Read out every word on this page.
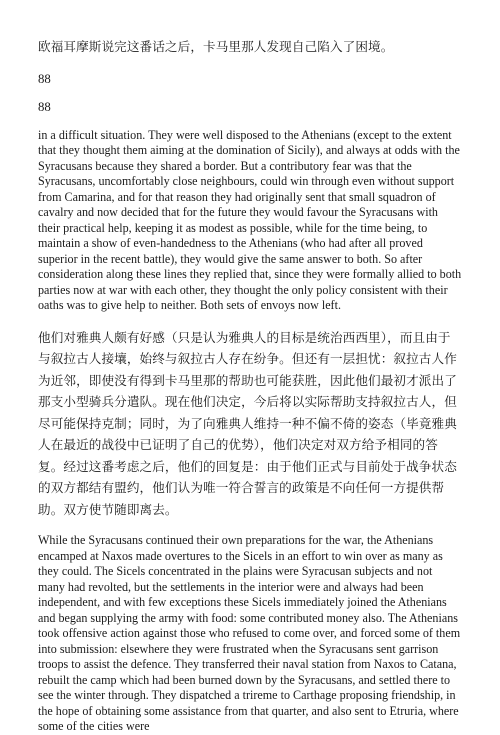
欧福耳摩斯说完这番话之后，卡马里那人发现自己陷入了困境。

88

88

in a difficult situation. They were well disposed to the Athenians (except to the extent that they thought them aiming at the domination of Sicily), and always at odds with the Syracusans because they shared a border. But a contributory fear was that the Syracusans, uncomfortably close neighbours, could win through even without support from Camarina, and for that reason they had originally sent that small squadron of cavalry and now decided that for the future they would favour the Syracusans with their practical help, keeping it as modest as possible, while for the time being, to maintain a show of even-handedness to the Athenians (who had after all proved superior in the recent battle), they would give the same answer to both. So after consideration along these lines they replied that, since they were formally allied to both parties now at war with each other, they thought the only policy consistent with their oaths was to give help to neither. Both sets of envoys now left.

他们对雅典人颇有好感（只是认为雅典人的目标是统治西西里），而且由于与叙拉古人接壤，始终与叙拉古人存在纷争。但还有一层担忧：叙拉古人作为近邻，即使没有得到卡马里那的帮助也可能获胜，因此他们最初才派出了那支小型骑兵分遣队。现在他们决定，今后将以实际帮助支持叙拉古人，但尽可能保持克制；同时，为了向雅典人维持一种不偏不倚的姿态（毕竟雅典人在最近的战役中已证明了自己的优势），他们决定对双方给予相同的答复。经过这番考虑之后，他们的回复是：由于他们正式与目前处于战争状态的双方都结有盟约，他们认为唯一符合誓言的政策是不向任何一方提供帮助。双方使节随即离去。

While the Syracusans continued their own preparations for the war, the Athenians encamped at Naxos made overtures to the Sicels in an effort to win over as many as they could. The Sicels concentrated in the plains were Syracusan subjects and not many had revolted, but the settlements in the interior were and always had been independent, and with few exceptions these Sicels immediately joined the Athenians and began supplying the army with food: some contributed money also. The Athenians took offensive action against those who refused to come over, and forced some of them into submission: elsewhere they were frustrated when the Syracusans sent garrison troops to assist the defence. They transferred their naval station from Naxos to Catana, rebuilt the camp which had been burned down by the Syracusans, and settled there to see the winter through. They dispatched a trireme to Carthage proposing friendship, in the hope of obtaining some assistance from that quarter, and also sent to Etruria, where some of the cities were
